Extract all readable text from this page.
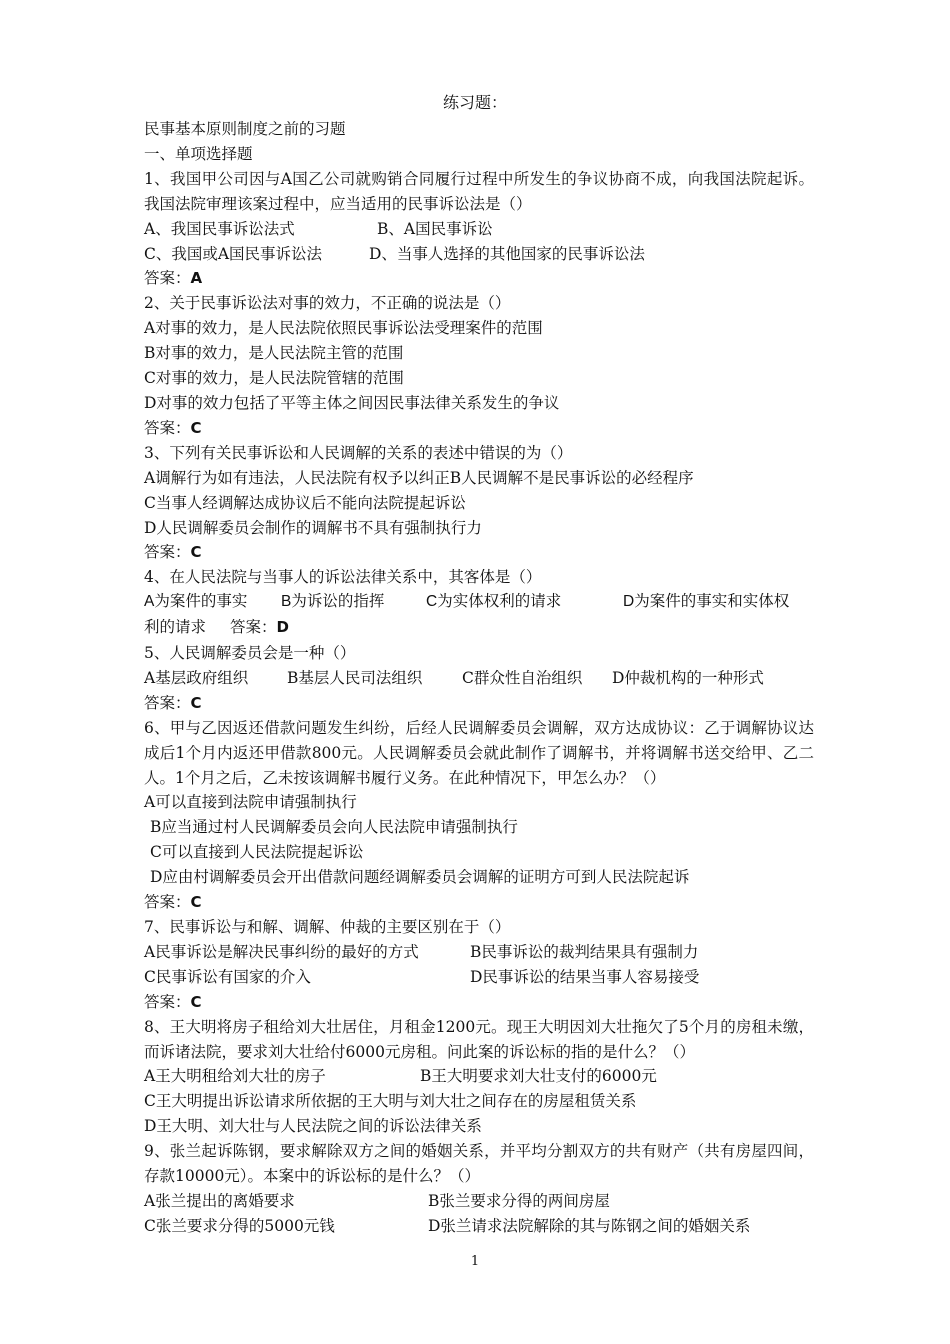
练习题：
民事基本原则制度之前的习题
一、单项选择题
1、我国甲公司因与A国乙公司就购销合同履行过程中所发生的争议协商不成，向我国法院起诉。我国法院审理该案过程中，应当适用的民事诉讼法是（）
A、我国民事诉讼法式	B、A国民事诉讼
C、我国或A国民事诉讼法	D、当事人选择的其他国家的民事诉讼法
答案：A
2、关于民事诉讼法对事的效力，不正确的说法是（）
A对事的效力，是人民法院依照民事诉讼法受理案件的范围
B对事的效力，是人民法院主管的范围
C对事的效力，是人民法院管辖的范围
D对事的效力包括了平等主体之间因民事法律关系发生的争议
答案：C
3、下列有关民事诉讼和人民调解的关系的表述中错误的为（）
A调解行为如有违法，人民法院有权予以纠正B人民调解不是民事诉讼的必经程序
C当事人经调解达成协议后不能向法院提起诉讼
D人民调解委员会制作的调解书不具有强制执行力
答案：C
4、在人民法院与当事人的诉讼法律关系中，其客体是（）
A为案件的事实	B为诉讼的指挥	C为实体权利的请求	D为案件的事实和实体权
利的请求 答案：D
5、人民调解委员会是一种（）
A基层政府组织	B基层人民司法组织	C群众性自治组织	D仲裁机构的一种形式
答案：C
6、甲与乙因返还借款问题发生纠纷，后经人民调解委员会调解，双方达成协议：乙于调解协议达成后1个月内返还甲借款800元。人民调解委员会就此制作了调解书，并将调解书送交给甲、乙二人。1个月之后，乙未按该调解书履行义务。在此种情况下，甲怎么办？（）
A可以直接到法院申请强制执行
B应当通过村人民调解委员会向人民法院申请强制执行
C可以直接到人民法院提起诉讼
D应由村调解委员会开出借款问题经调解委员会调解的证明方可到人民法院起诉
答案：C
7、民事诉讼与和解、调解、仲裁的主要区别在于（）
A民事诉讼是解决民事纠纷的最好的方式	B民事诉讼的裁判结果具有强制力
C民事诉讼有国家的介入	D民事诉讼的结果当事人容易接受
答案：C
8、王大明将房子租给刘大壮居住，月租金1200元。现王大明因刘大壮拖欠了5个月的房租未缴，而诉诸法院，要求刘大壮给付6000元房租。问此案的诉讼标的指的是什么？（）
A王大明租给刘大壮的房子	B王大明要求刘大壮支付的6000元
C王大明提出诉讼请求所依据的王大明与刘大壮之间存在的房屋租赁关系
D王大明、刘大壮与人民法院之间的诉讼法律关系
9、张兰起诉陈钢，要求解除双方之间的婚姻关系，并平均分割双方的共有财产（共有房屋四间，存款10000元）。本案中的诉讼标的是什么？（）
A张兰提出的离婚要求	B张兰要求分得的两间房屋
C张兰要求分得的5000元钱	D张兰请求法院解除的其与陈钢之间的婚姻关系
1
